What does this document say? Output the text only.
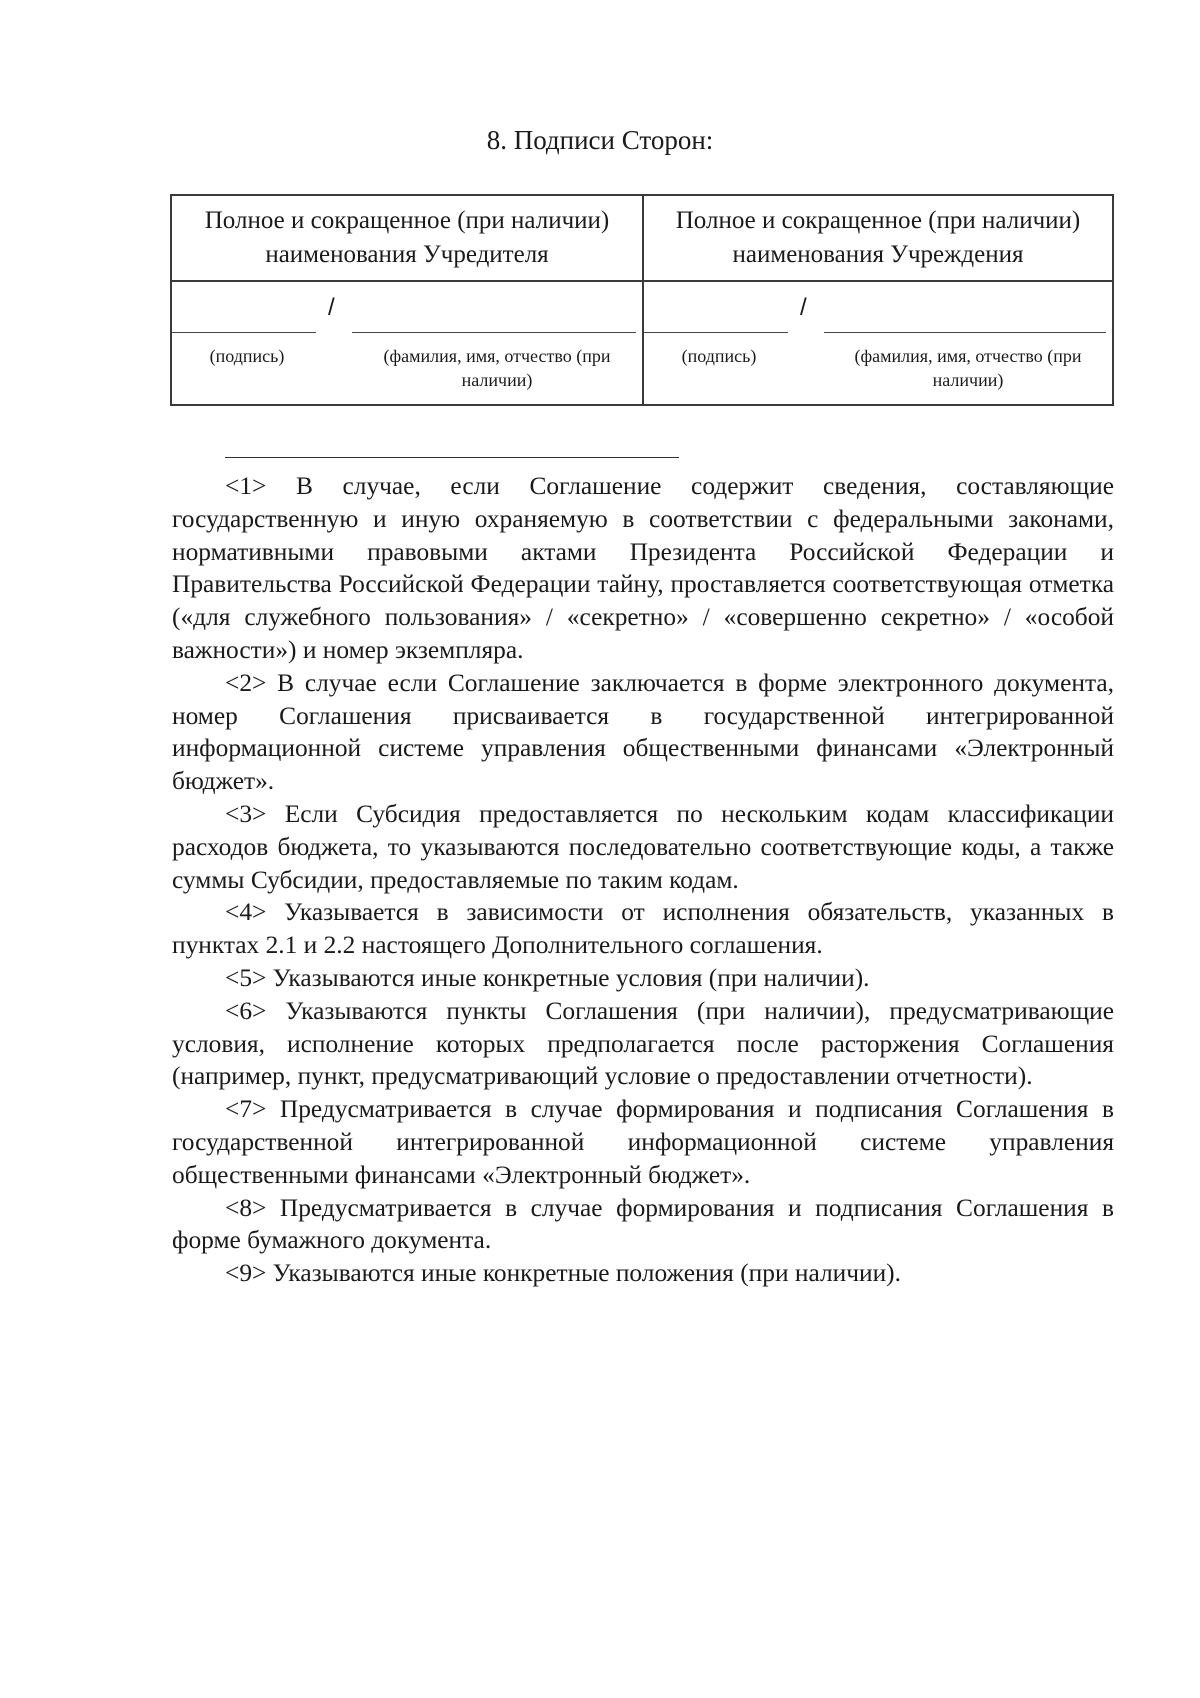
8. Подписи Сторон:
Полное и сокращенное (при наличии) наименования Учредителя
/
(подпись)	(фамилия, имя, отчество (при наличии)
Полное и сокращенное (при наличии) наименования Учреждения
/
(подпись)	(фамилия, имя, отчество (при наличии)

<1> В случае, если Соглашение содержит сведения, составляющие государственную и иную охраняемую в соответствии с федеральными законами, нормативными правовыми актами Президента Российской Федерации и Правительства Российской Федерации тайну, проставляется соответствующая отметка («для служебного пользования» / «секретно» / «совершенно секретно» / «особой важности») и номер экземпляра.

<2> В случае если Соглашение заключается в форме электронного документа, номер Соглашения присваивается в государственной интегрированной информационной системе управления общественными финансами «Электронный бюджет».

<3> Если Субсидия предоставляется по нескольким кодам классификации расходов бюджета, то указываются последовательно соответствующие коды, а также суммы Субсидии, предоставляемые по таким кодам.

<4> Указывается в зависимости от исполнения обязательств, указанных в пунктах 2.1 и 2.2 настоящего Дополнительного соглашения.

<5> Указываются иные конкретные условия (при наличии).

<6> Указываются пункты Соглашения (при наличии), предусматривающие условия, исполнение которых предполагается после расторжения Соглашения (например, пункт, предусматривающий условие о предоставлении отчетности).

<7> Предусматривается в случае формирования и подписания Соглашения в государственной интегрированной информационной системе управления общественными финансами «Электронный бюджет».

<8> Предусматривается в случае формирования и подписания Соглашения в форме бумажного документа.

<9> Указываются иные конкретные положения (при наличии).
